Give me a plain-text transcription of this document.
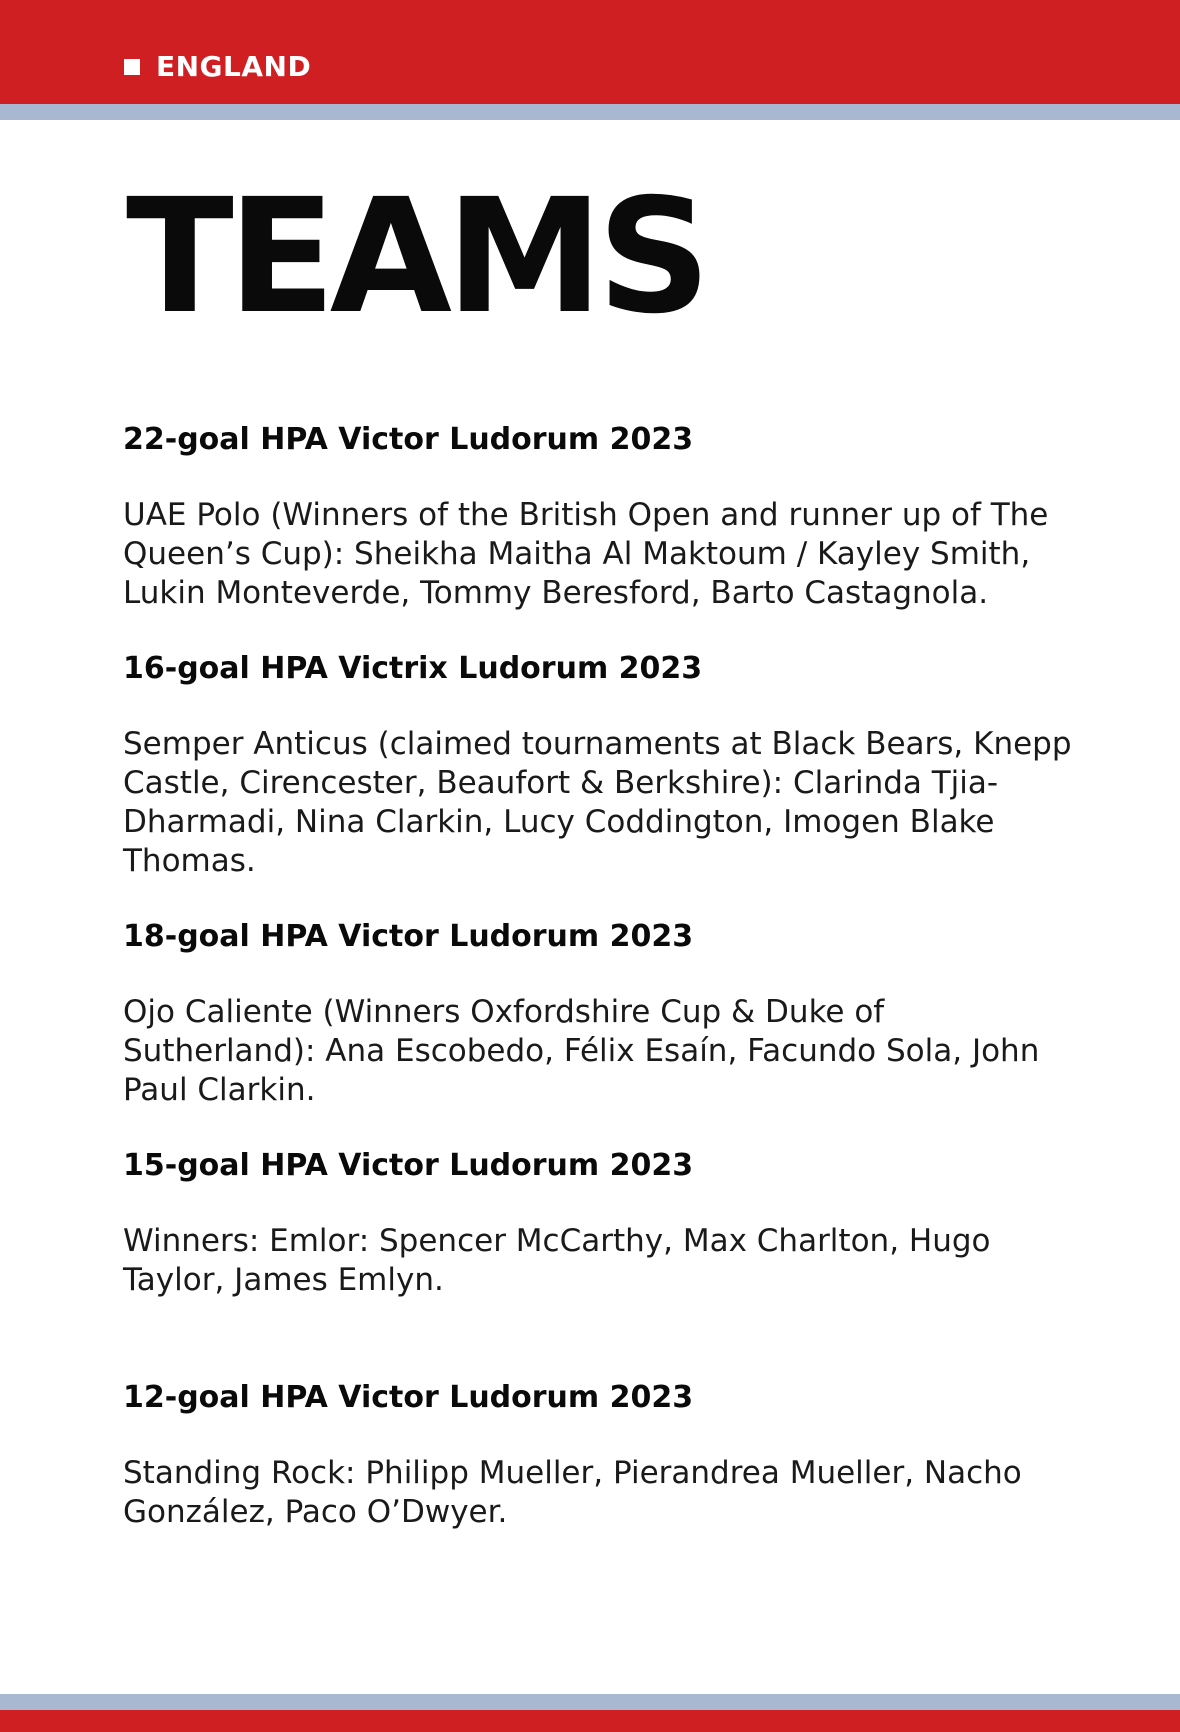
ENGLAND
TEAMS
22-goal HPA Victor Ludorum 2023

UAE Polo (Winners of the British Open and runner up of The Queen’s Cup): Sheikha Maitha Al Maktoum / Kayley Smith, Lukin Monteverde, Tommy Beresford, Barto Castagnola.

16-goal HPA Victrix Ludorum 2023

Semper Anticus (claimed tournaments at Black Bears, Knepp Castle, Cirencester, Beaufort & Berkshire): Clarinda Tjia-Dharmadi, Nina Clarkin, Lucy Coddington, Imogen Blake Thomas.

18-goal HPA Victor Ludorum 2023

Ojo Caliente (Winners Oxfordshire Cup & Duke of Sutherland): Ana Escobedo, Félix Esaín, Facundo Sola, John Paul Clarkin.

15-goal HPA Victor Ludorum 2023

Winners: Emlor: Spencer McCarthy, Max Charlton, Hugo Taylor, James Emlyn.

12-goal HPA Victor Ludorum 2023

Standing Rock: Philipp Mueller, Pierandrea Mueller, Nacho González, Paco O’Dwyer.
